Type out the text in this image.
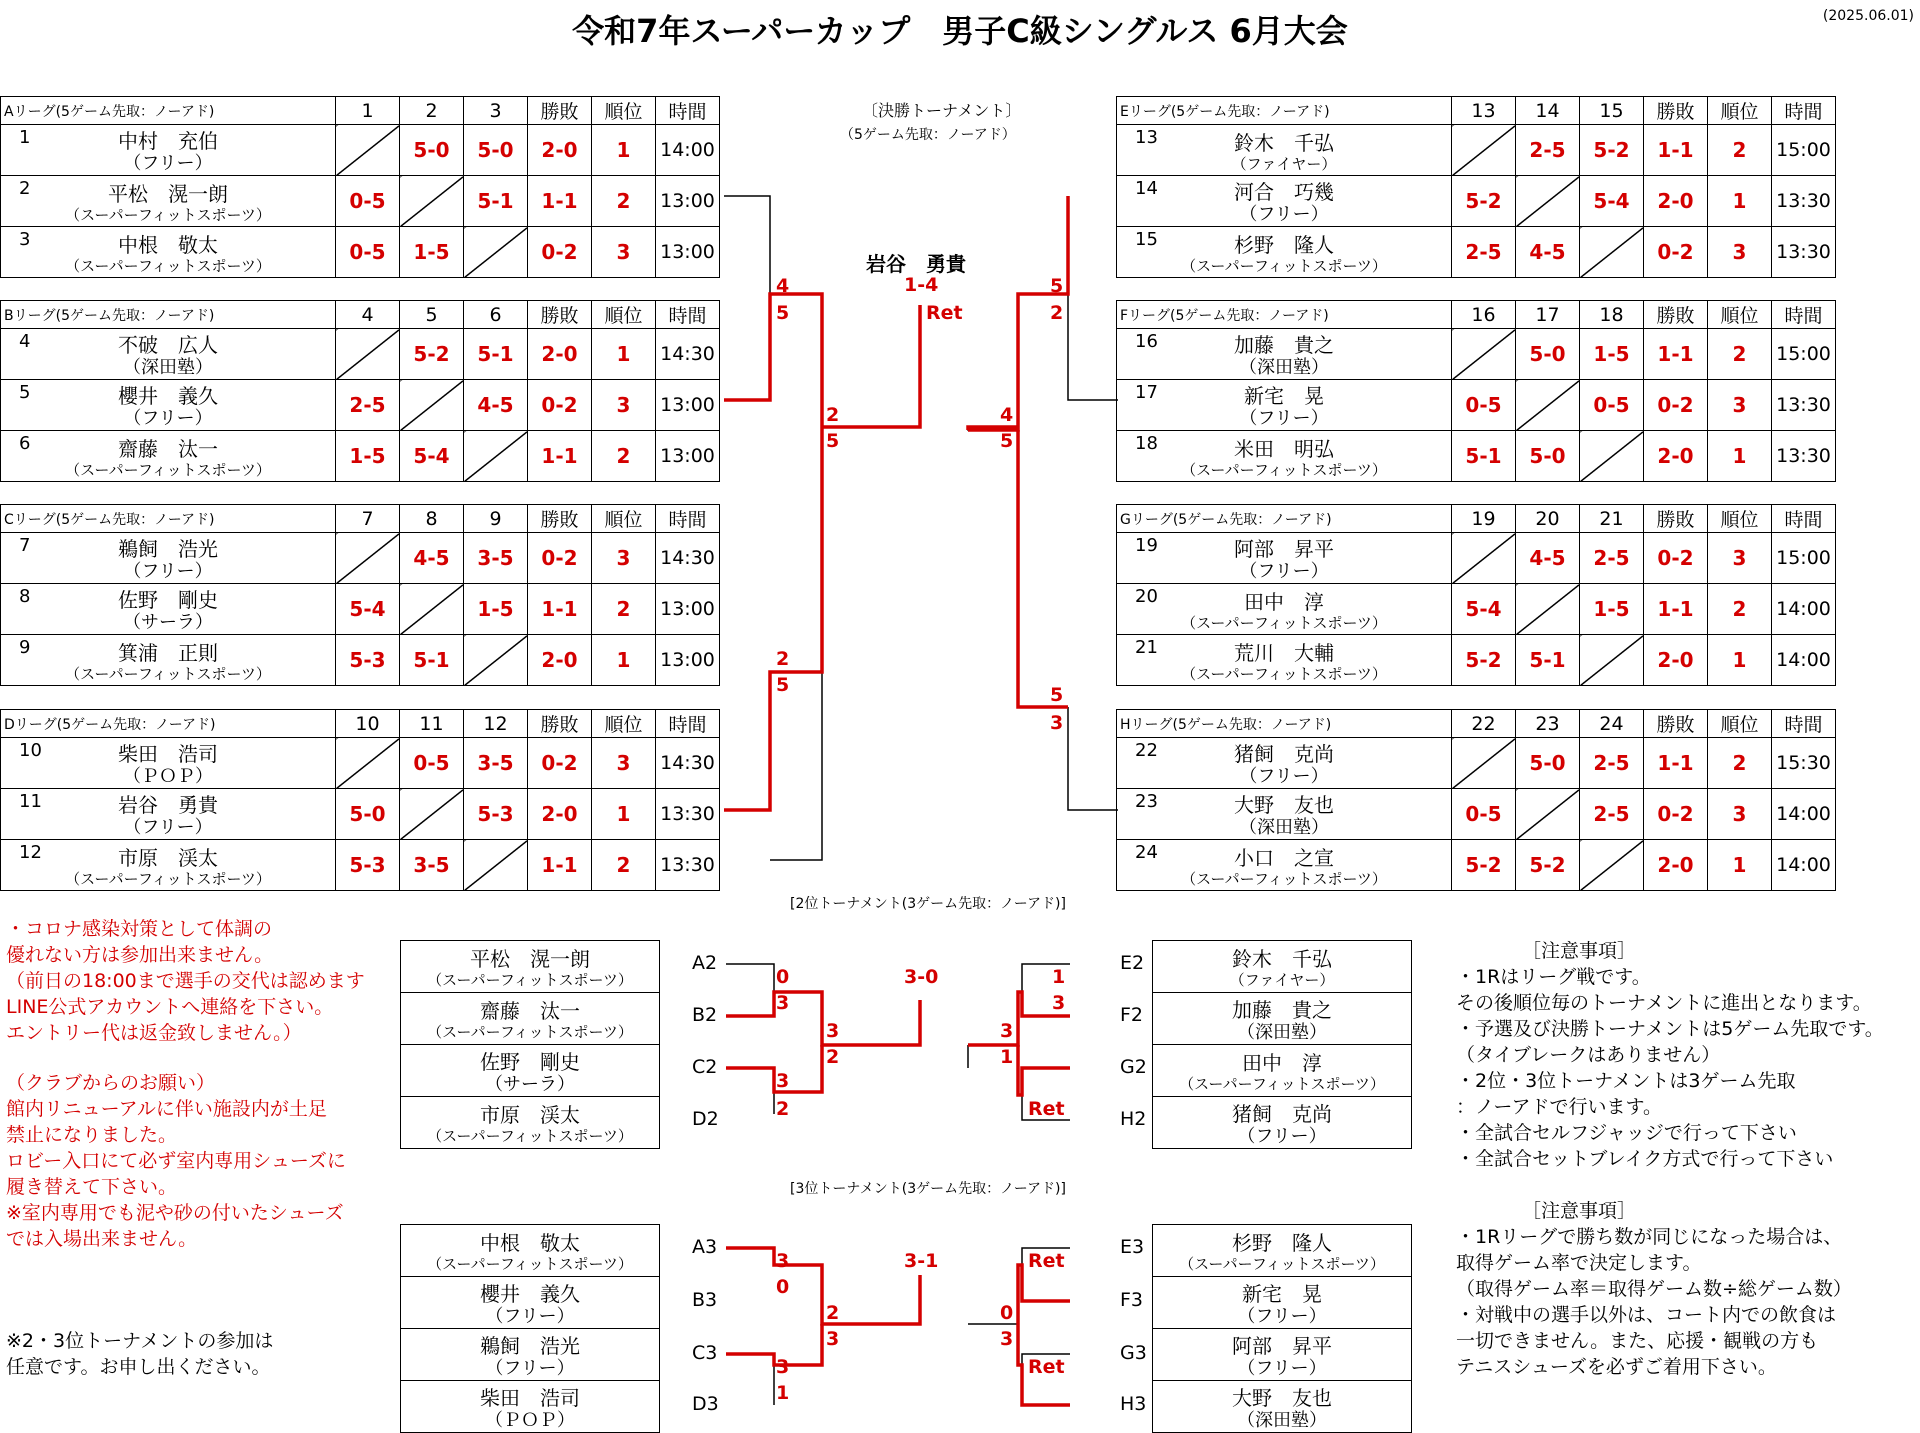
令和7年スーパーカップ　男子C級シングルス 6月大会	(2025.06.01)
Aリーグ(5ゲーム先取：ノーアド)	1	2	3	勝敗	順位	時間

1 中村　充伯
（フリー）		5-0	5-0	2-0	1	14:00

2 平松　滉一朗
（スーパーフィットスポーツ）	0-5		5-1	1-1	2	13:00

3 中根　敬太
（スーパーフィットスポーツ）	0-5	1-5		0-2	3	13:00
Bリーグ(5ゲーム先取：ノーアド)	4	5	6	勝敗	順位	時間

4 不破　広人
（深田塾）		5-2	5-1	2-0	1	14:30

5 櫻井　義久
（フリー）	2-5		4-5	0-2	3	13:00

6 齋藤　汰一
（スーパーフィットスポーツ）	1-5	5-4		1-1	2	13:00
Cリーグ(5ゲーム先取：ノーアド)	7	8	9	勝敗	順位	時間

7 鵜飼　浩光
（フリー）		4-5	3-5	0-2	3	14:30

8 佐野　剛史
（サーラ）	5-4		1-5	1-1	2	13:00

9 箕浦　正則
（スーパーフィットスポーツ）	5-3	5-1		2-0	1	13:00
Dリーグ(5ゲーム先取：ノーアド)	10	11	12	勝敗	順位	時間

10 柴田　浩司
（ＰＯＰ）		0-5	3-5	0-2	3	14:30

11 岩谷　勇貴
（フリー）	5-0		5-3	2-0	1	13:30

12 市原　渓太
（スーパーフィットスポーツ）	5-3	3-5		1-1	2	13:30
Eリーグ(5ゲーム先取：ノーアド)	13	14	15	勝敗	順位	時間

13 鈴木　千弘
（ファイヤー）		2-5	5-2	1-1	2	15:00

14 河合　巧幾
（フリー）	5-2		5-4	2-0	1	13:30

15 杉野　隆人
（スーパーフィットスポーツ）	2-5	4-5		0-2	3	13:30
Fリーグ(5ゲーム先取：ノーアド)	16	17	18	勝敗	順位	時間

16 加藤　貴之
（深田塾）		5-0	1-5	1-1	2	15:00

17 新宅　晃
（フリー）	0-5		0-5	0-2	3	13:30

18 米田　明弘
（スーパーフィットスポーツ）	5-1	5-0		2-0	1	13:30
Gリーグ(5ゲーム先取：ノーアド)	19	20	21	勝敗	順位	時間

19 阿部　昇平
（フリー）		4-5	2-5	0-2	3	15:00

20 田中　淳
（スーパーフィットスポーツ）	5-4		1-5	1-1	2	14:00

21 荒川　大輔
（スーパーフィットスポーツ）	5-2	5-1		2-0	1	14:00
Hリーグ(5ゲーム先取：ノーアド)	22	23	24	勝敗	順位	時間

22 猪飼　克尚
（フリー）		5-0	2-5	1-1	2	15:30

23 大野　友也
（深田塾）	0-5		2-5	0-2	3	14:00

24 小口　之宣
（スーパーフィットスポーツ）	5-2	5-2		2-0	1	14:00
〔決勝トーナメント〕
（5ゲーム先取：ノーアド）
岩谷　勇貴
1-4
Ret
4
5
2
5
2
5
5
2
5
3
4
5
[2位トーナメント(3ゲーム先取：ノーアド)]
平松　滉一朗
（スーパーフィットスポーツ）

齋藤　汰一
（スーパーフィットスポーツ）

佐野　剛史
（サーラ）

市原　渓太
（スーパーフィットスポーツ）
鈴木　千弘
（ファイヤー）

加藤　貴之
（深田塾）

田中　淳
（スーパーフィットスポーツ）

猪飼　克尚
（フリー）
A2	E2
B2	F2
C2	G2
D2	H2
3-0
0
3
3
2
3
2
1
3
Ret
3
1
[3位トーナメント(3ゲーム先取：ノーアド)]
中根　敬太
（スーパーフィットスポーツ）

櫻井　義久
（フリー）

鵜飼　浩光
（フリー）

柴田　浩司
（ＰＯＰ）
杉野　隆人
（スーパーフィットスポーツ）

新宅　晃
（フリー）

阿部　昇平
（フリー）

大野　友也
（深田塾）
A3	E3
B3	F3
C3	G3
D3	H3
3-1
3
0
3
1
2
3
Ret
Ret
0
3
・コロナ感染対策として体調の
優れない方は参加出来ません。
（前日の18:00まで選手の交代は認めます
LINE公式アカウントへ連絡を下さい。
エントリー代は返金致しません。）
（クラブからのお願い）
館内リニューアルに伴い施設内が土足
禁止になりました。
ロビー入口にて必ず室内専用シューズに
履き替えて下さい。
※室内専用でも泥や砂の付いたシューズ
では入場出来ません。
※2・3位トーナメントの参加は
任意です。お申し出ください。
［注意事項］
・1Rはリーグ戦です。
その後順位毎のトーナメントに進出となります。
・予選及び決勝トーナメントは5ゲーム先取です。
（タイブレークはありません）
・2位・3位トーナメントは3ゲーム先取
：ノーアドで行います。
・全試合セルフジャッジで行って下さい
・全試合セットブレイク方式で行って下さい
［注意事項］
・1Rリーグで勝ち数が同じになった場合は、
取得ゲーム率で決定します。
（取得ゲーム率＝取得ゲーム数÷総ゲーム数）
・対戦中の選手以外は、コート内での飲食は
一切できません。また、応援・観戦の方も
テニスシューズを必ずご着用下さい。
